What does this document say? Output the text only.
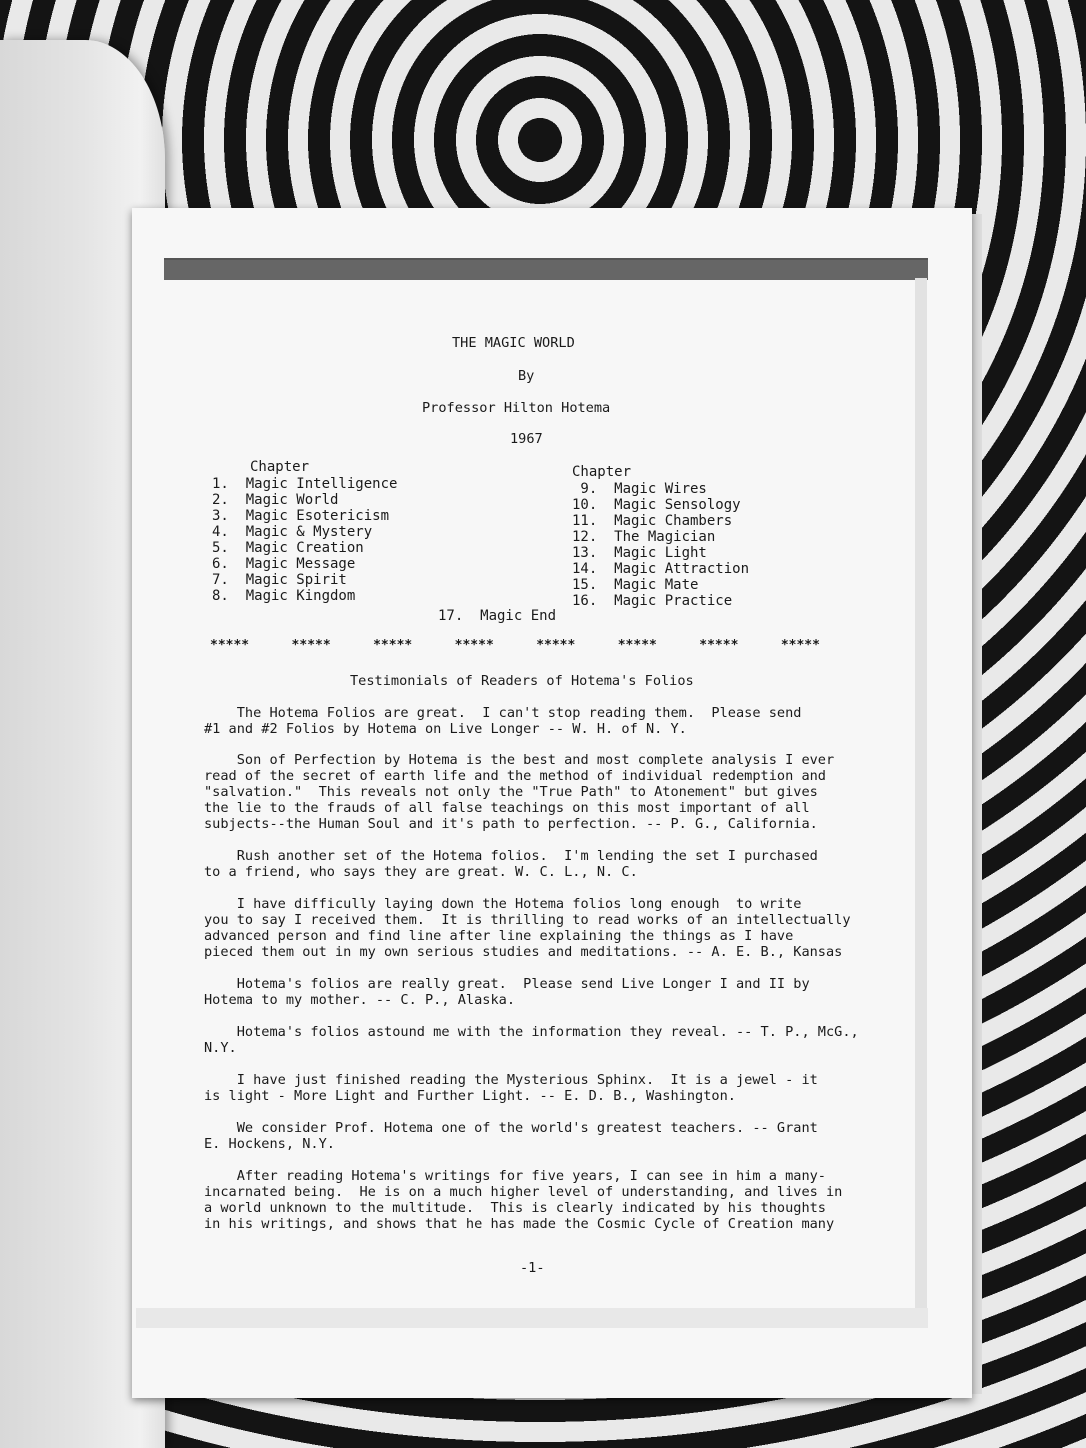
THE MAGIC WORLD
By
Professor Hilton Hotema
1967
Chapter
1.  Magic Intelligence
2.  Magic World
3.  Magic Esotericism
4.  Magic & Mystery
5.  Magic Creation
6.  Magic Message
7.  Magic Spirit
8.  Magic Kingdom
Chapter
9.  Magic Wires
10.  Magic Sensology
11.  Magic Chambers
12.  The Magician
13.  Magic Light
14.  Magic Attraction
15.  Magic Mate
16.  Magic Practice
17.  Magic End
*****	*****	*****	*****	*****	*****	*****	*****
Testimonials of Readers of Hotema's Folios
The Hotema Folios are great.  I can't stop reading them.  Please send
#1 and #2 Folios by Hotema on Live Longer -- W. H. of N. Y.
Son of Perfection by Hotema is the best and most complete analysis I ever
read of the secret of earth life and the method of individual redemption and
"salvation."  This reveals not only the "True Path" to Atonement" but gives
the lie to the frauds of all false teachings on this most important of all
subjects--the Human Soul and it's path to perfection. -- P. G., California.
Rush another set of the Hotema folios.  I'm lending the set I purchased
to a friend, who says they are great. W. C. L., N. C.
I have difficully laying down the Hotema folios long enough  to write
you to say I received them.  It is thrilling to read works of an intellectually
advanced person and find line after line explaining the things as I have
pieced them out in my own serious studies and meditations. -- A. E. B., Kansas
Hotema's folios are really great.  Please send Live Longer I and II by
Hotema to my mother. -- C. P., Alaska.
Hotema's folios astound me with the information they reveal. -- T. P., McG.,
N.Y.
I have just finished reading the Mysterious Sphinx.  It is a jewel - it
is light - More Light and Further Light. -- E. D. B., Washington.
We consider Prof. Hotema one of the world's greatest teachers. -- Grant
E. Hockens, N.Y.
After reading Hotema's writings for five years, I can see in him a many-
incarnated being.  He is on a much higher level of understanding, and lives in
a world unknown to the multitude.  This is clearly indicated by his thoughts
in his writings, and shows that he has made the Cosmic Cycle of Creation many
-1-
